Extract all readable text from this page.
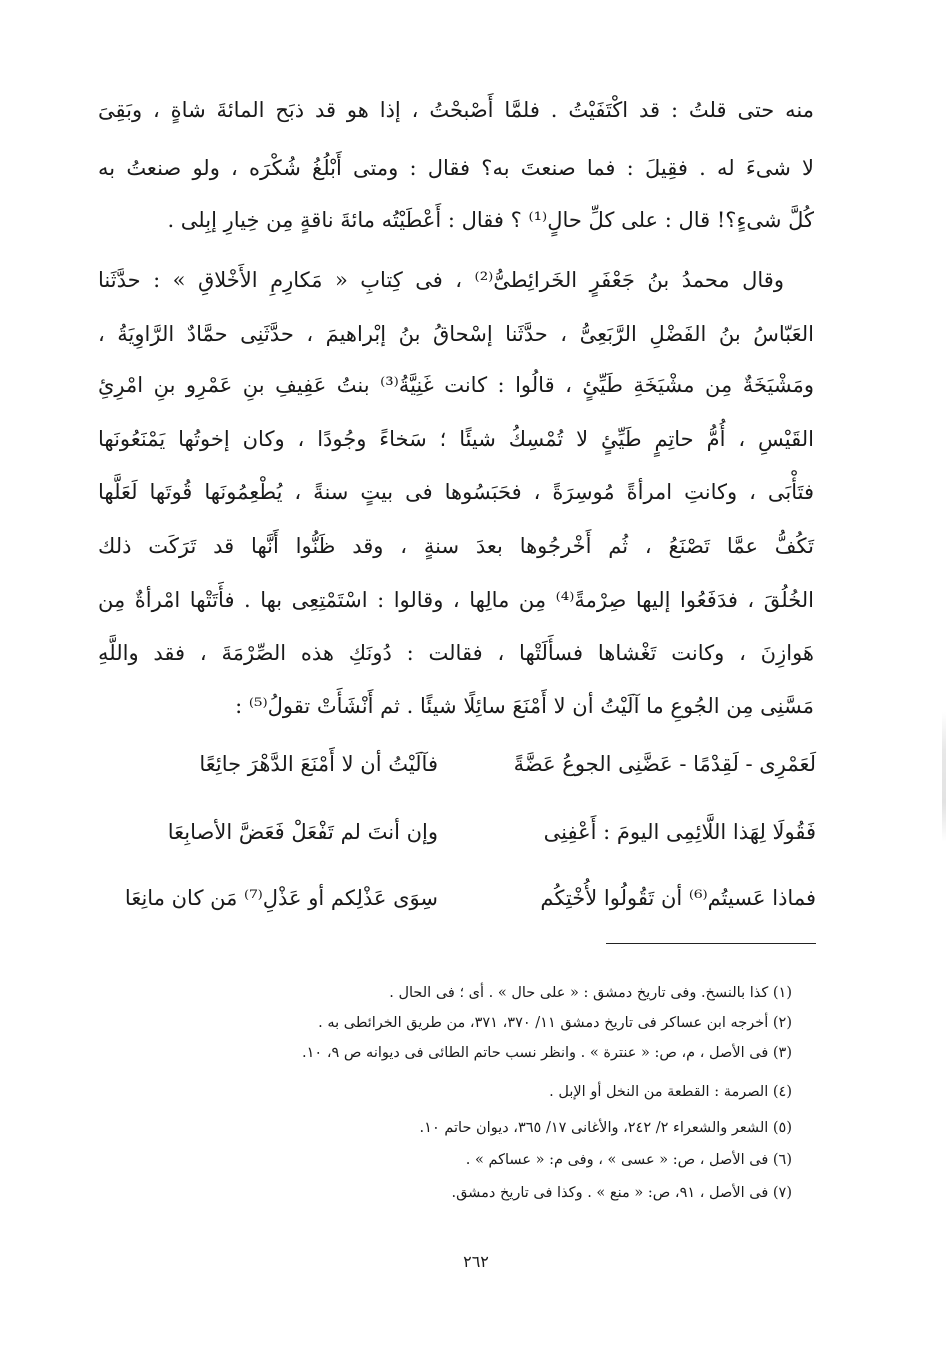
منه حتى قلتُ : قد اكْتَفَيْتُ . فلمَّا أَصْبحْتُ ، إذا هو قد ذبَح المائةَ شاةٍ ، وبَقِىَ

لا شىءَ له . فقِيلَ : فما صنعتَ به؟ فقال : ومتى أَبْلُغُ شُكْرَه ، ولو صنعتُ به

كُلَّ شىءٍ؟! قال : على كلِّ حالٍ⁽¹⁾ ؟ فقال : أَعْطَيْتُه مائةَ ناقةٍ مِن خِيارِ إبِلى .

وقال محمدُ بنُ جَعْفَرٍ الخَرائِطىُّ⁽²⁾ ، فى كِتابِ « مَكارِمِ الأَخْلاقِ » : حدَّثَنا

العَبّاسُ بنُ الفَضْلِ الرَّبَعِىُّ ، حدَّثَنا إسْحاقُ بنُ إبْراهيمَ ، حدَّثَنِى حمَّادٌ الرَّاوِيَةُ ،

ومَشْيَخَةٌ مِن مشْيَخَةِ طَيِّئٍ ، قالُوا : كانت غَنِيَّةُ⁽³⁾ بنتُ عَفِيفِ بنِ عَمْرِو بنِ امْرِئِ

القَيْسِ ، أُمُّ حاتِمٍ طَيِّئٍ لا تُمْسِكُ شيئًا ؛ سَخاءً وجُودًا ، وكان إخوتُها يَمْنَعُونَها

فتَأْبَى ، وكانتِ امرأةً مُوسِرَةً ، فحَبَسُوها فى بيتٍ سنةً ، يُطْعِمُونَها قُوتَها لَعَلَّها

تَكُفُّ عمَّا تَصْنَعُ ، ثُم أَخْرجُوها بعدَ سنةٍ ، وقد ظَنُّوا أَنَّها قد تَرَكَت ذلك

الخُلُقَ ، فدَفَعُوا إليها صِرْمةً⁽⁴⁾ مِن مالِها ، وقالوا : اسْتَمْتِعِى بها . فأَتَتْها امْرأةٌ مِن

هَوازِنَ ، وكانت تَغْشاها فسأَلَتْها ، فقالت : دُونَكِ هذه الصِّرْمَةَ ، فقد واللَّهِ

مَسَّنِى مِن الجُوعِ ما آلَيْتُ أن لا أَمْنَعَ سائِلًا شيئًا . ثم أَنْشَأَتْ تقولُ⁽⁵⁾ :

لَعَمْرِى - لَقِدْمًا - عَضَّنِى الجوعُ عَضَّةً
فآلَيْتُ أن لا أَمْنَعَ الدَّهْرَ جائِعًا
فَقُولَا لِهَذا اللَّائِمِى اليومَ : أَعْفِنِى
وإن أنتَ لم تَفْعَلْ فَعَضَّ الأصابِعَا
فماذا عَسيتُم⁽⁶⁾ أن تَقُولُوا لأُخْتِكُم
سِوَى عَذْلِكم أو عَذْلِ⁽⁷⁾ مَن كان مانِعَا

(١) كذا بالنسخ. وفى تاريخ دمشق : « على حال » . أى ؛ فى الحال .

(٢) أخرجه ابن عساكر فى تاريخ دمشق ١١/ ٣٧٠، ٣٧١، من طريق الخرائطى به .

(٣) فى الأصل ، م، ص: « عنترة » . وانظر نسب حاتم الطائى فى ديوانه ص ٩، ١٠.

(٤) الصرمة : القطعة من النخل أو الإبل .

(٥) الشعر والشعراء ٢/ ٢٤٢، والأغانى ١٧/ ٣٦٥، ديوان حاتم ١٠.

(٦) فى الأصل ، ص: « عسى » ، وفى م: « عساكم » .

(٧) فى الأصل ، ٩١، ص: « منع » . وكذا فى تاريخ دمشق.

٢٦٢
